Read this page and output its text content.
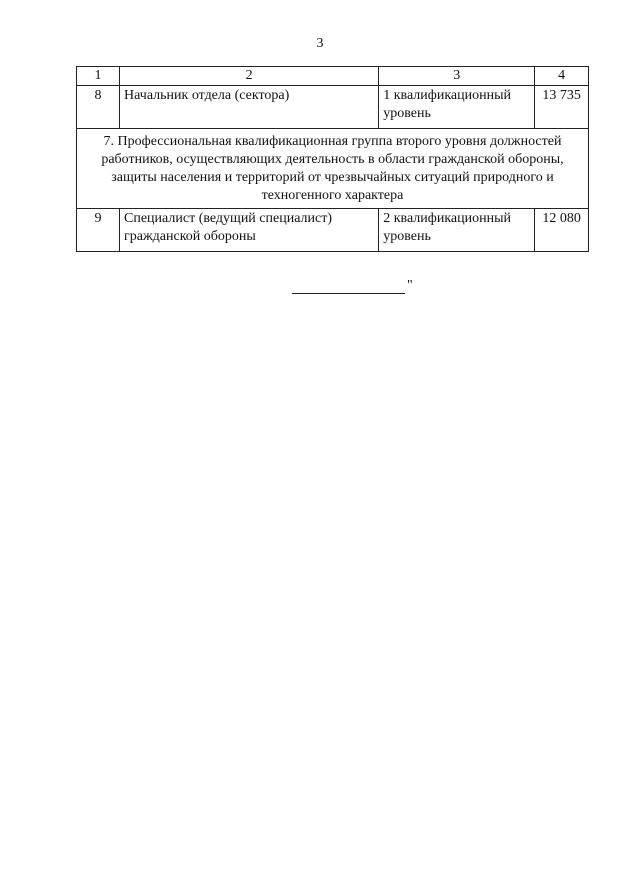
3
1	2	3	4
8	Начальник отдела (сектора)	1 квалификационный уровень	13 735
7. Профессиональная квалификационная группа второго уровня должностей работников, осуществляющих деятельность в области гражданской обороны, защиты населения и территорий от чрезвычайных ситуаций природного и техногенного характера			
9	Специалист (ведущий специалист) гражданской обороны	2 квалификационный уровень	12 080
"
